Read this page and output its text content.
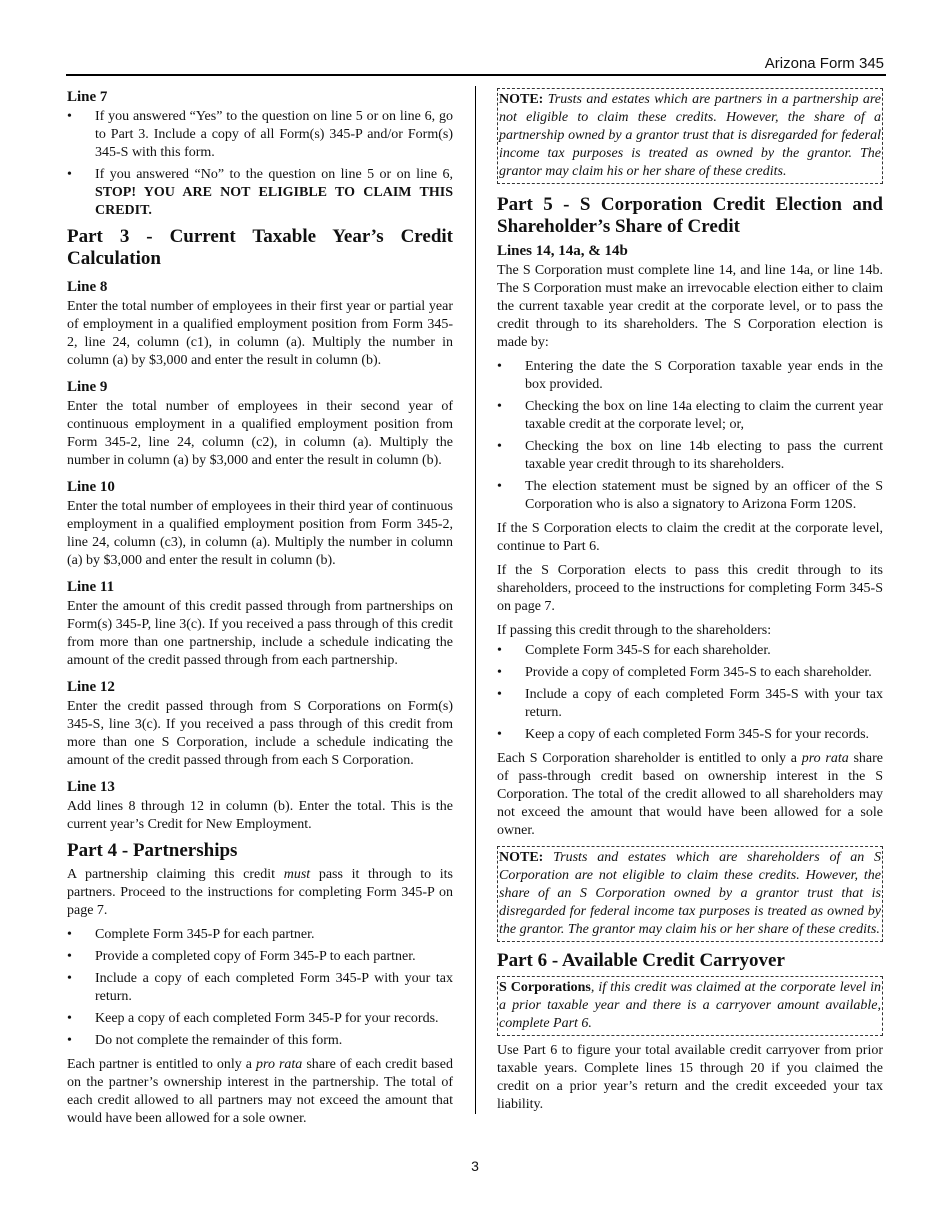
Arizona Form 345
Line 7
• If you answered “Yes” to the question on line 5 or on line 6, go to Part 3. Include a copy of all Form(s) 345-P and/or Form(s) 345-S with this form.
• If you answered “No” to the question on line 5 or on line 6, STOP! YOU ARE NOT ELIGIBLE TO CLAIM THIS CREDIT.
Part 3 - Current Taxable Year’s Credit Calculation
Line 8

Enter the total number of employees in their first year or partial year of employment in a qualified employment position from Form 345-2, line 24, column (c1), in column (a). Multiply the number in column (a) by $3,000 and enter the result in column (b).

Line 9

Enter the total number of employees in their second year of continuous employment in a qualified employment position from Form 345-2, line 24, column (c2), in column (a). Multiply the number in column (a) by $3,000 and enter the result in column (b).

Line 10

Enter the total number of employees in their third year of continuous employment in a qualified employment position from Form 345-2, line 24, column (c3), in column (a). Multiply the number in column (a) by $3,000 and enter the result in column (b).

Line 11

Enter the amount of this credit passed through from partnerships on Form(s) 345-P, line 3(c). If you received a pass through of this credit from more than one partnership, include a schedule indicating the amount of the credit passed through from each partnership.

Line 12

Enter the credit passed through from S Corporations on Form(s) 345-S, line 3(c). If you received a pass through of this credit from more than one S Corporation, include a schedule indicating the amount of the credit passed through from each S Corporation.

Line 13

Add lines 8 through 12 in column (b). Enter the total. This is the current year’s Credit for New Employment.

Part 4 - Partnerships

A partnership claiming this credit must pass it through to its partners. Proceed to the instructions for completing Form 345-P on page 7.

• Complete Form 345-P for each partner.
• Provide a completed copy of Form 345-P to each partner.
• Include a copy of each completed Form 345-P with your tax return.
• Keep a copy of each completed Form 345-P for your records.
• Do not complete the remainder of this form.

Each partner is entitled to only a pro rata share of each credit based on the partner’s ownership interest in the partnership. The total of each credit allowed to all partners may not exceed the amount that would have been allowed for a sole owner.

NOTE: Trusts and estates which are partners in a partnership are not eligible to claim these credits. However, the share of a partnership owned by a grantor trust that is disregarded for federal income tax purposes is treated as owned by the grantor. The grantor may claim his or her share of these credits.
Part 5 - S Corporation Credit Election and Shareholder’s Share of Credit
Lines 14, 14a, & 14b

The S Corporation must complete line 14, and line 14a, or line 14b. The S Corporation must make an irrevocable election either to claim the current taxable year credit at the corporate level, or to pass the credit through to its shareholders. The S Corporation election is made by:

• Entering the date the S Corporation taxable year ends in the box provided.
• Checking the box on line 14a electing to claim the current year taxable credit at the corporate level; or,
• Checking the box on line 14b electing to pass the current taxable year credit through to its shareholders.
• The election statement must be signed by an officer of the S Corporation who is also a signatory to Arizona Form 120S.

If the S Corporation elects to claim the credit at the corporate level, continue to Part 6.

If the S Corporation elects to pass this credit through to its shareholders, proceed to the instructions for completing Form 345-S on page 7.

If passing this credit through to the shareholders:

• Complete Form 345-S for each shareholder.
• Provide a copy of completed Form 345-S to each shareholder.
• Include a copy of each completed Form 345-S with your tax return.
• Keep a copy of each completed Form 345-S for your records.

Each S Corporation shareholder is entitled to only a pro rata share of pass-through credit based on ownership interest in the S Corporation. The total of the credit allowed to all shareholders may not exceed the amount that would have been allowed for a sole owner.

NOTE: Trusts and estates which are shareholders of an S Corporation are not eligible to claim these credits. However, the share of an S Corporation owned by a grantor trust that is disregarded for federal income tax purposes is treated as owned by the grantor. The grantor may claim his or her share of these credits.
Part 6 - Available Credit Carryover
S Corporations, if this credit was claimed at the corporate level in a prior taxable year and there is a carryover amount available, complete Part 6.

Use Part 6 to figure your total available credit carryover from prior taxable years. Complete lines 15 through 20 if you claimed the credit on a prior year’s return and the credit exceeded your tax liability.

3
